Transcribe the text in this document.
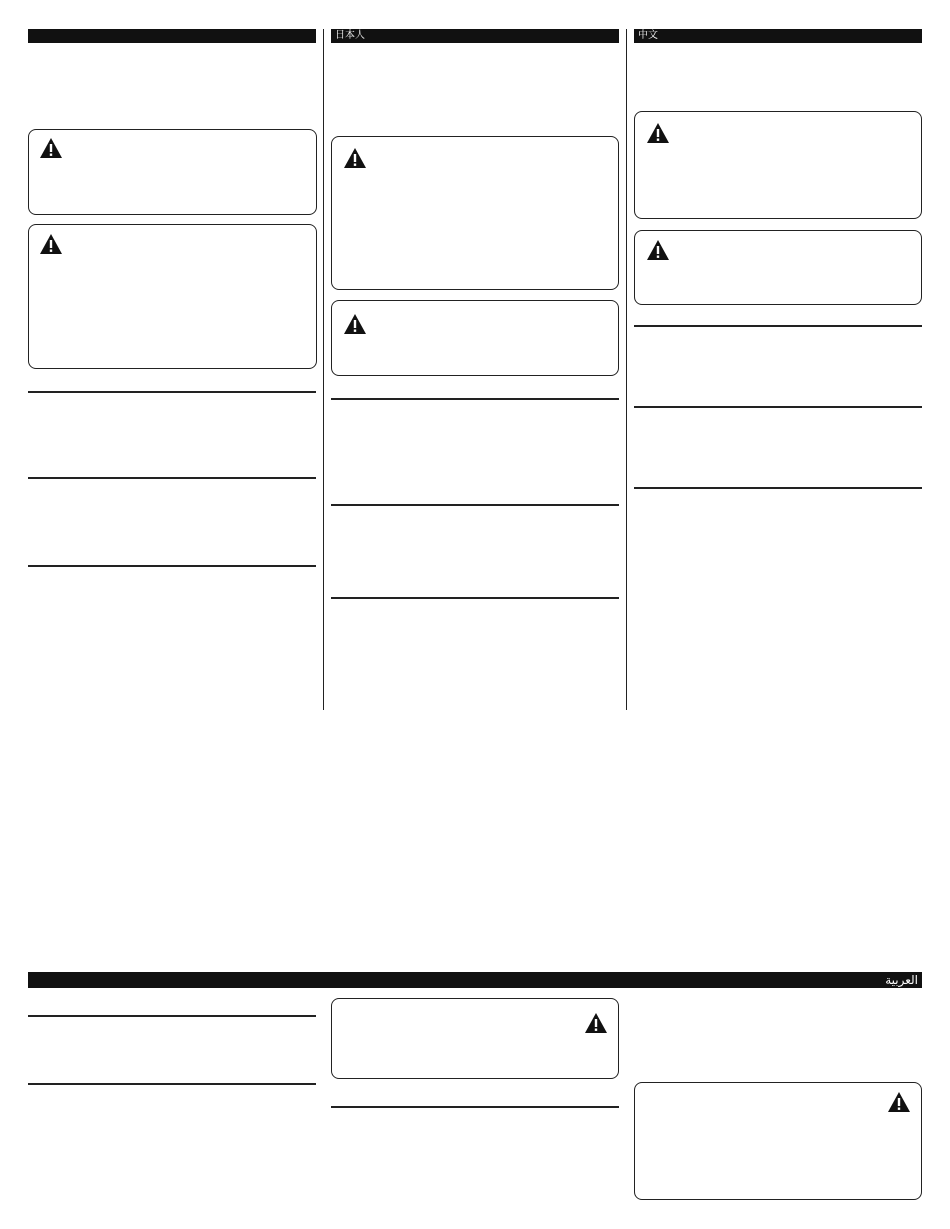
日本人	中文
العربية
